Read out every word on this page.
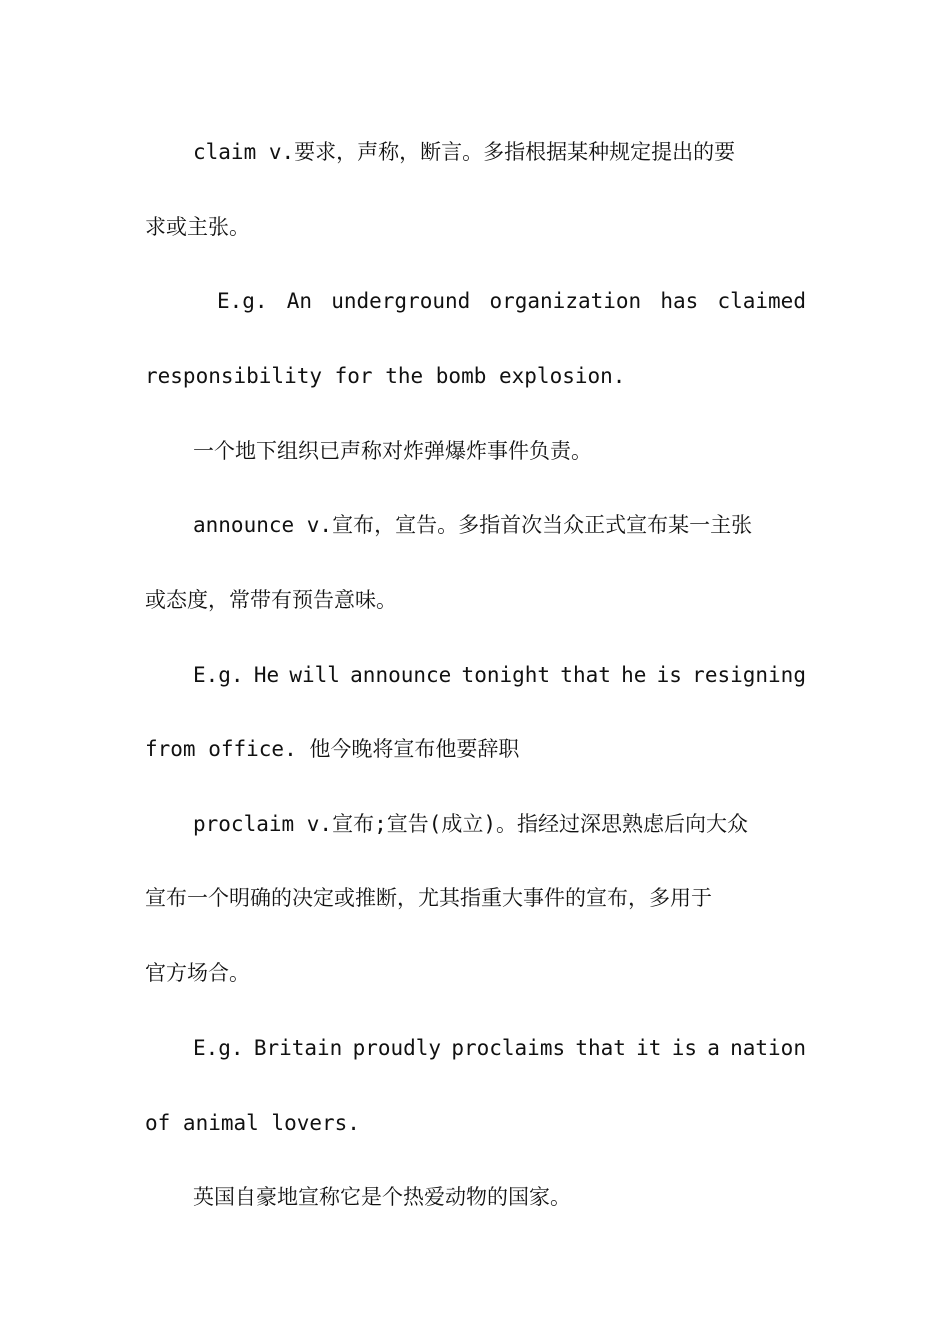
claim v.要求，声称，断言。多指根据某种规定提出的要
求或主张。
E.g. An underground organization has claimed
responsibility for the bomb explosion.
一个地下组织已声称对炸弹爆炸事件负责。
announce v.宣布，宣告。多指首次当众正式宣布某一主张
或态度，常带有预告意味。
E.g. He will announce tonight that he is resigning
from office. 他今晚将宣布他要辞职
proclaim v.宣布;宣告(成立)。指经过深思熟虑后向大众
宣布一个明确的决定或推断，尤其指重大事件的宣布，多用于
官方场合。
E.g. Britain proudly proclaims that it is a nation
of animal lovers.
英国自豪地宣称它是个热爱动物的国家。
